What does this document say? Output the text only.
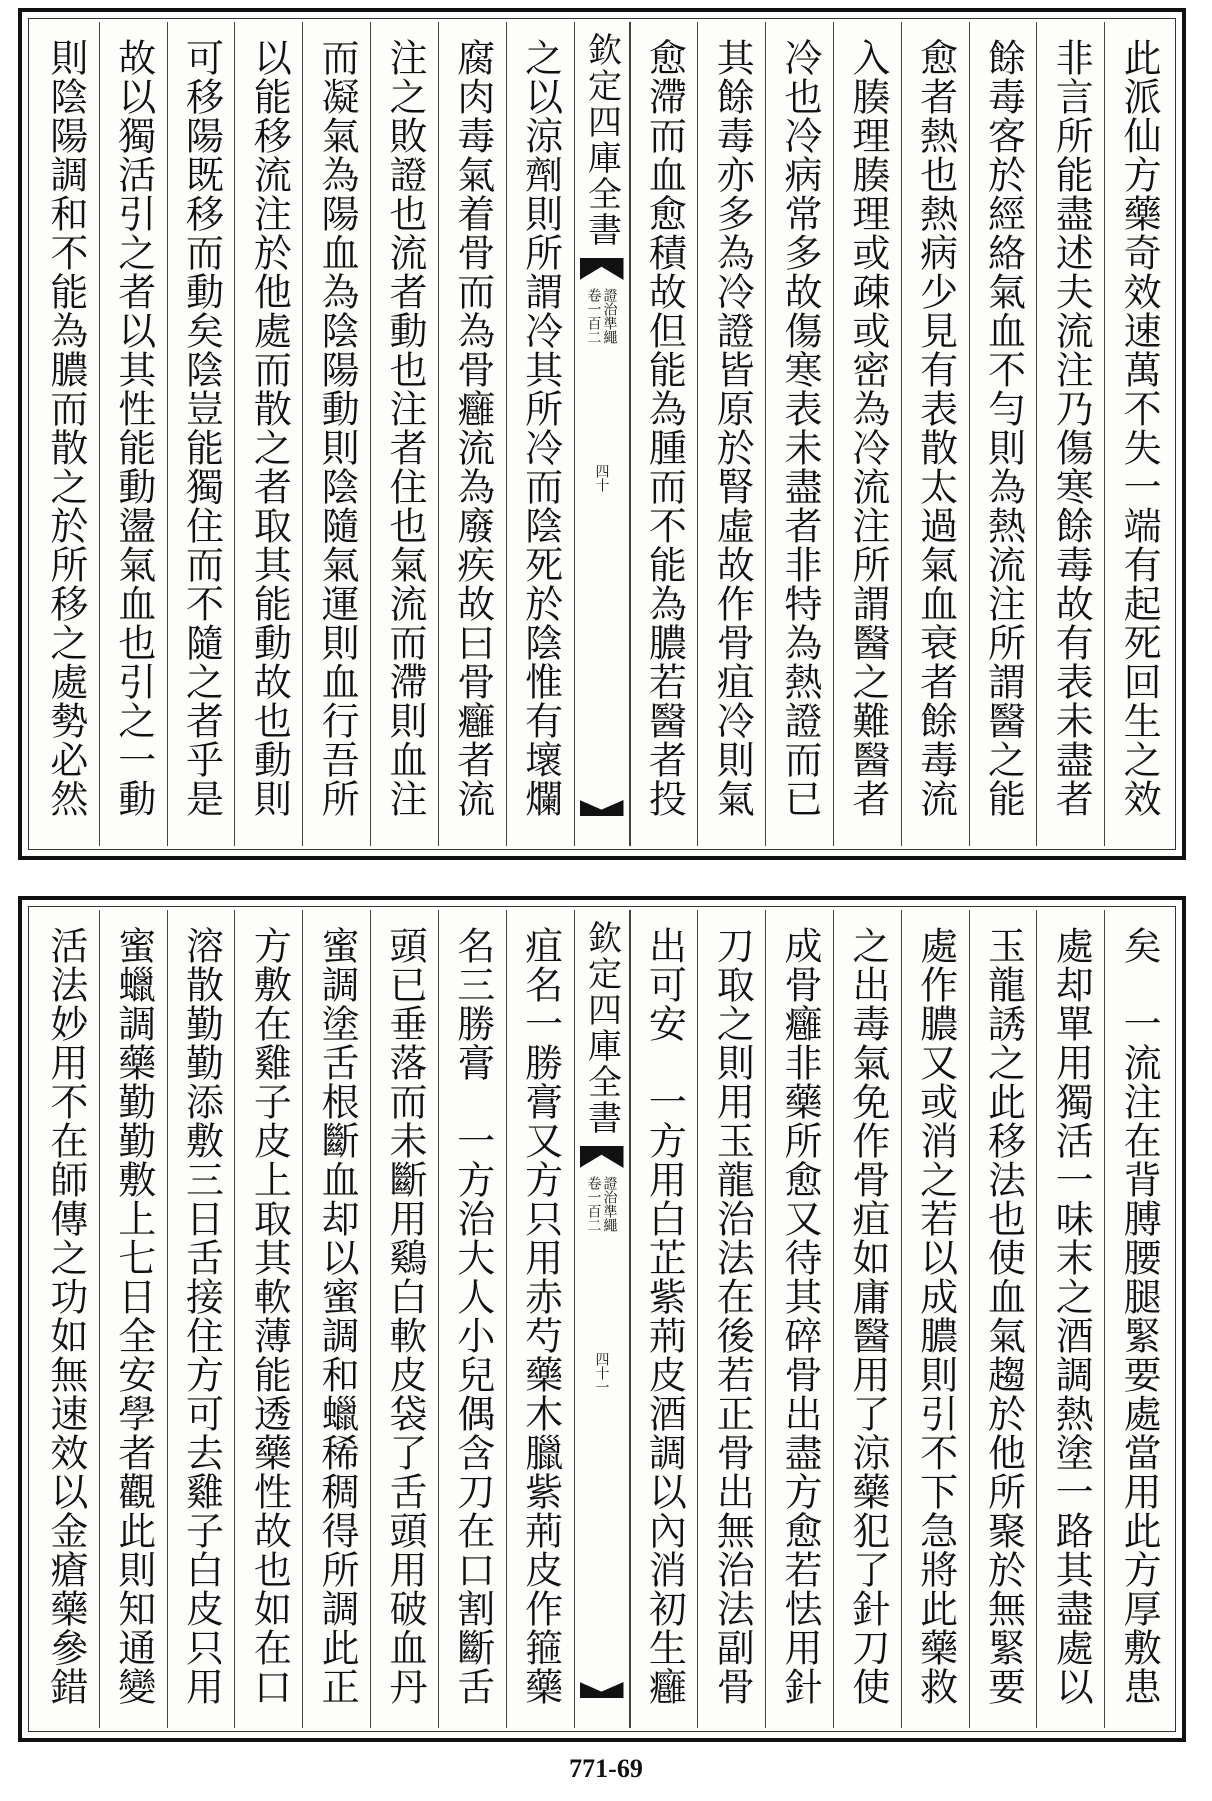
此派仙方藥奇效速萬不失一端有起死回生之效
非言所能盡述夫流注乃傷寒餘毒故有表未盡者
餘毒客於經絡氣血不勻則為熱流注所謂醫之能
愈者熱也熱病少見有表散太過氣血衰者餘毒流
入腠理腠理或疎或密為冷流注所謂醫之難醫者
冷也冷病常多故傷寒表未盡者非特為熱證而已
其餘毒亦多為冷證皆原於腎虛故作骨疽冷則氣
愈滯而血愈積故但能為腫而不能為膿若醫者投
欽定四庫全書
證治準繩
卷一百二
四十
之以涼劑則所謂冷其所冷而陰死於陰惟有壞爛
腐肉毒氣着骨而為骨癰流為廢疾故曰骨癰者流
注之敗證也流者動也注者住也氣流而滯則血注
而凝氣為陽血為陰陽動則陰隨氣運則血行吾所
以能移流注於他處而散之者取其能動故也動則
可移陽既移而動矣陰豈能獨住而不隨之者乎是
故以獨活引之者以其性能動盪氣血也引之一動
則陰陽調和不能為膿而散之於所移之處勢必然
矣　一流注在背膊腰腿緊要處當用此方厚敷患
處却單用獨活一味末之酒調熱塗一路其盡處以
玉龍誘之此移法也使血氣趨於他所聚於無緊要
處作膿又或消之若以成膿則引不下急將此藥救
之出毒氣免作骨疽如庸醫用了涼藥犯了針刀使
成骨癰非藥所愈又待其碎骨出盡方愈若怯用針
刀取之則用玉龍治法在後若正骨出無治法副骨
出可安　一方用白芷紫荊皮酒調以內消初生癰
欽定四庫全書
證治準繩
卷一百二
四十一
疽名一勝膏又方只用赤芍藥木臘紫荊皮作箍藥
名三勝膏　一方治大人小兒偶含刀在口割斷舌
頭已垂落而未斷用鷄白軟皮袋了舌頭用破血丹
蜜調塗舌根斷血却以蜜調和蠟稀稠得所調此正
方敷在雞子皮上取其軟薄能透藥性故也如在口
溶散勤勤添敷三日舌接住方可去雞子白皮只用
蜜蠟調藥勤勤敷上七日全安學者觀此則知通變
活法妙用不在師傳之功如無速效以金瘡藥參錯
771-69
